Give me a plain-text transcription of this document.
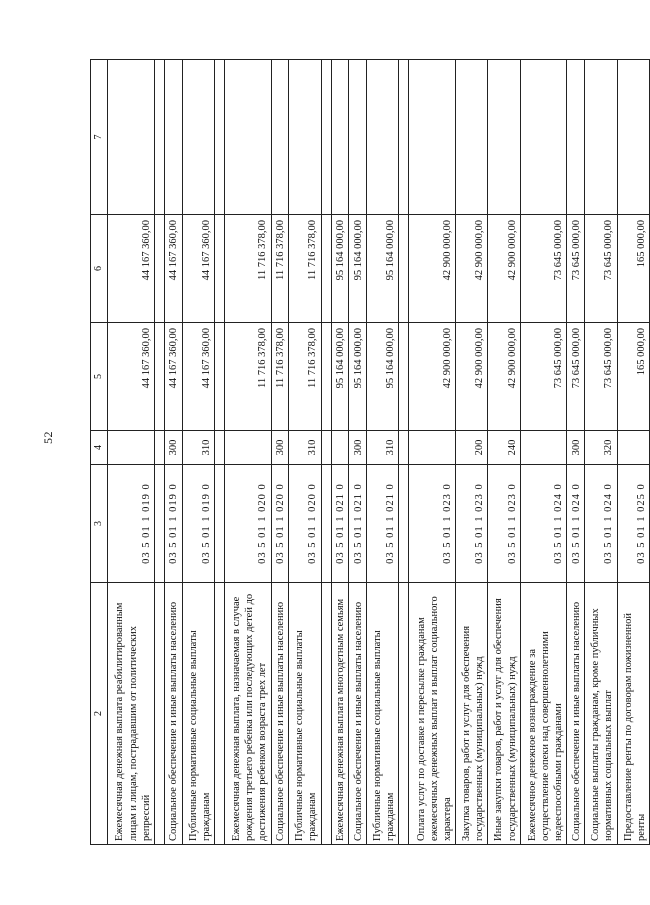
52
2	3	4	5	6	7
Ежемесячная денежная выплата реабилитированным лицам и лицам, пострадавшим от политических репрессий	03 5 01 1 019 0		44 167 360,00	44 167 360,00	

Социальное обеспечение и иные выплаты населению	03 5 01 1 019 0	300	44 167 360,00	44 167 360,00	
Публичные нормативные социальные выплаты гражданам	03 5 01 1 019 0	310	44 167 360,00	44 167 360,00	

Ежемесячная денежная выплата, назначаемая в случае рождения третьего ребенка или последующих детей до достижения ребенком возраста трех лет	03 5 01 1 020 0		11 716 378,00	11 716 378,00	
Социальное обеспечение и иные выплаты населению	03 5 01 1 020 0	300	11 716 378,00	11 716 378,00	
Публичные нормативные социальные выплаты гражданам	03 5 01 1 020 0	310	11 716 378,00	11 716 378,00	

Ежемесячная денежная выплата многодетным семьям	03 5 01 1 021 0		95 164 000,00	95 164 000,00	
Социальное обеспечение и иные выплаты населению	03 5 01 1 021 0	300	95 164 000,00	95 164 000,00	
Публичные нормативные социальные выплаты гражданам	03 5 01 1 021 0	310	95 164 000,00	95 164 000,00	

Оплата услуг по доставке и пересылке гражданам ежемесячных денежных выплат и выплат социального характера	03 5 01 1 023 0		42 900 000,00	42 900 000,00	
Закупка товаров, работ и услуг для обеспечения государственных (муниципальных) нужд	03 5 01 1 023 0	200	42 900 000,00	42 900 000,00	
Иные закупки товаров, работ и услуг для обеспечения государственных (муниципальных) нужд	03 5 01 1 023 0	240	42 900 000,00	42 900 000,00	
Ежемесячное денежное вознаграждение за осуществление опеки над совершеннолетними недееспособными гражданами	03 5 01 1 024 0		73 645 000,00	73 645 000,00	
Социальное обеспечение и иные выплаты населению	03 5 01 1 024 0	300	73 645 000,00	73 645 000,00	
Социальные выплаты гражданам, кроме публичных нормативных социальных выплат	03 5 01 1 024 0	320	73 645 000,00	73 645 000,00	
Предоставление ренты по договорам пожизненной ренты	03 5 01 1 025 0		165 000,00	165 000,00	
